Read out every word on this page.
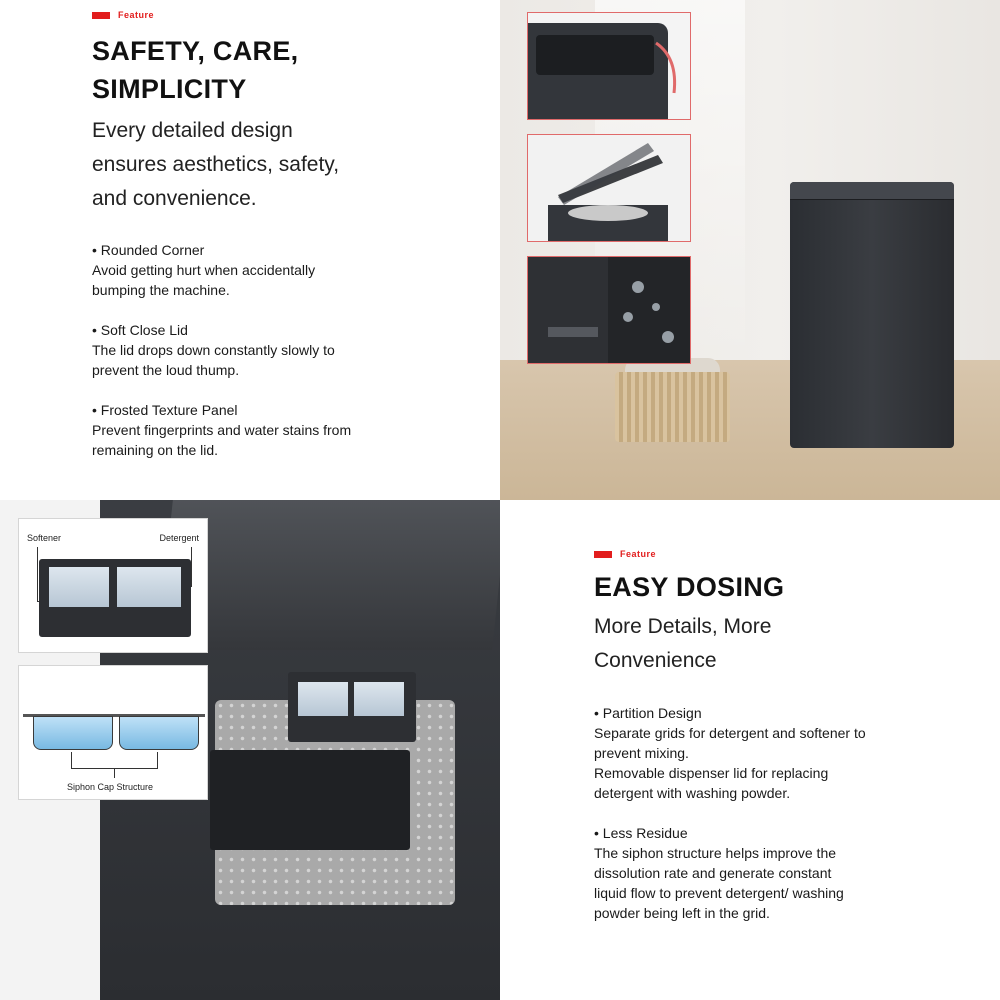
Feature
SAFETY, CARE,
SIMPLICITY
Every detailed design
ensures aesthetics, safety,
and convenience.
• Rounded Corner
Avoid getting hurt when accidentally
bumping the machine.
• Soft Close Lid
The lid drops down constantly slowly to
prevent the loud thump.
• Frosted Texture Panel
Prevent fingerprints and water stains from
remaining on the lid.
Softener	Detergent
Siphon Cap Structure
Feature
EASY DOSING
More Details, More
Convenience
• Partition Design
Separate grids for detergent and softener to
prevent mixing.
Removable dispenser lid for replacing
detergent with washing powder.
• Less Residue
The siphon structure helps improve the
dissolution rate and generate constant
liquid flow to prevent detergent/ washing
powder being left in the grid.
